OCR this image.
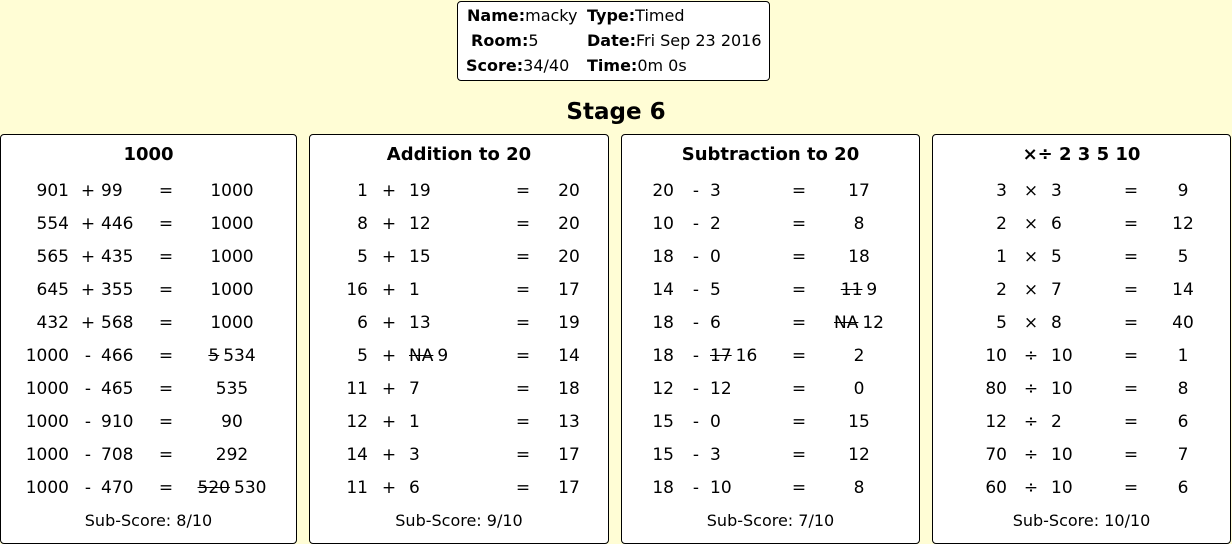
Name:macky
Room:5
Score:34/40
Type:Timed
Date:Fri Sep 23 2016
Time:0m 0s
Stage 6
1000
901 + 99 =	1000
554 + 446 =	1000
565 + 435 =	1000
645 + 355 =	1000
432 + 568 =	1000
1000 - 466 =	5 534
1000 - 465 =	535
1000 - 910 =	90
1000 - 708 =	292
1000 - 470 =	520 530
Sub-Score: 8/10
Addition to 20
1 + 19	=	20
8 + 12	=	20
5 + 15	=	20
16 + 1	=	17
6 + 13	=	19
5 + NA 9	=	14
11 + 7	=	18
12 + 1	=	13
14 + 3	=	17
11 + 6	=	17
Sub-Score: 9/10
Subtraction to 20
20	- 3	=	17
10	- 2	=	8
18	- 0	=	18
14	- 5	=	11 9
18	- 6	=	NA 12
18	- 17 16 =	2
12	- 12	=	0
15	- 0	=	15
15	- 3	=	12
18	- 10	=	8
Sub-Score: 7/10
×÷ 2 3 5 10
3 × 3	=	9
2 × 6	=	12
1 × 5	=	5
2 × 7	=	14
5 × 8	=	40
10 ÷ 10	=	1
80 ÷ 10	=	8
12 ÷ 2	=	6
70 ÷ 10	=	7
60 ÷ 10	=	6
Sub-Score: 10/10
